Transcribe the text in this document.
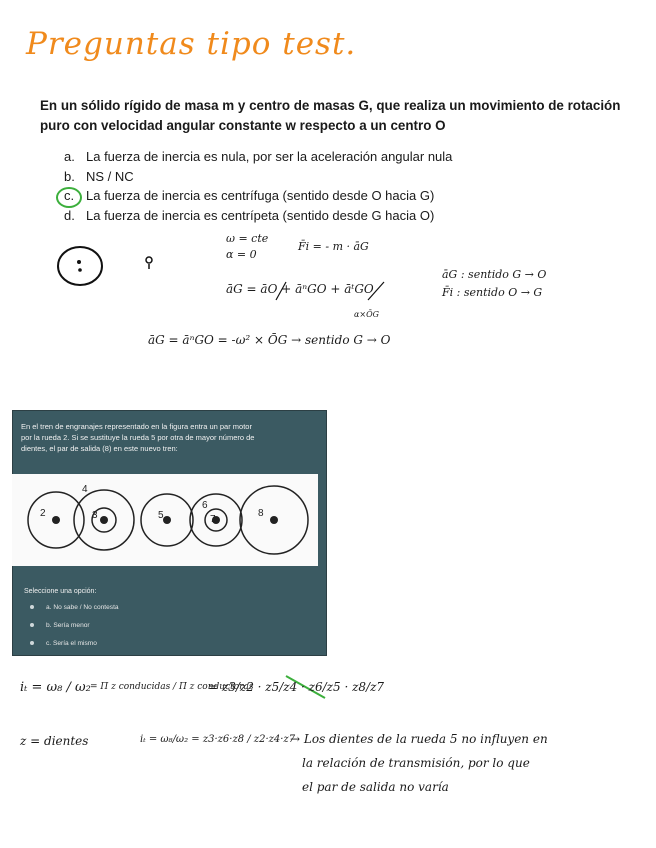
Preguntas tipo test.
En un sólido rígido de masa m y centro de masas G, que realiza un movimiento de rotación puro con velocidad angular constante w respecto a un centro O
a. La fuerza de inercia es nula, por ser la aceleración angular nula
b. NS / NC
c. La fuerza de inercia es centrífuga (sentido desde O hacia G)
d. La fuerza de inercia es centrípeta (sentido desde G hacia O)
ω = cte
α = 0
F̄i = - m · āG
āG = āO + āⁿGO + āᵗGO
α×ŌG
āG : sentido G → O
F̄i : sentido O → G
āG = āⁿGO = -ω² × ŌG → sentido G → O
En el tren de engranajes representado en la figura entra un par motor por la rueda 2. Si se sustituye la rueda 5 por otra de mayor número de dientes, el par de salida (8) en este nuevo tren:
2	3
4
5
6
7
8
Seleccione una opción:
a. No sabe / No contesta
b. Sería menor
c. Sería el mismo
iₜ = ω₈ / ω₂ = Π z conducidas / Π z conductoras
= z3/z2 · z5/z4 · z6/z5 · z8/z7
z = dientes	iₜ = ω₈/ω₂ = z3·z6·z8 / z2·z4·z7
→ Los dientes de la rueda 5 no influyen en
la relación de transmisión, por lo que
el par de salida no varía
